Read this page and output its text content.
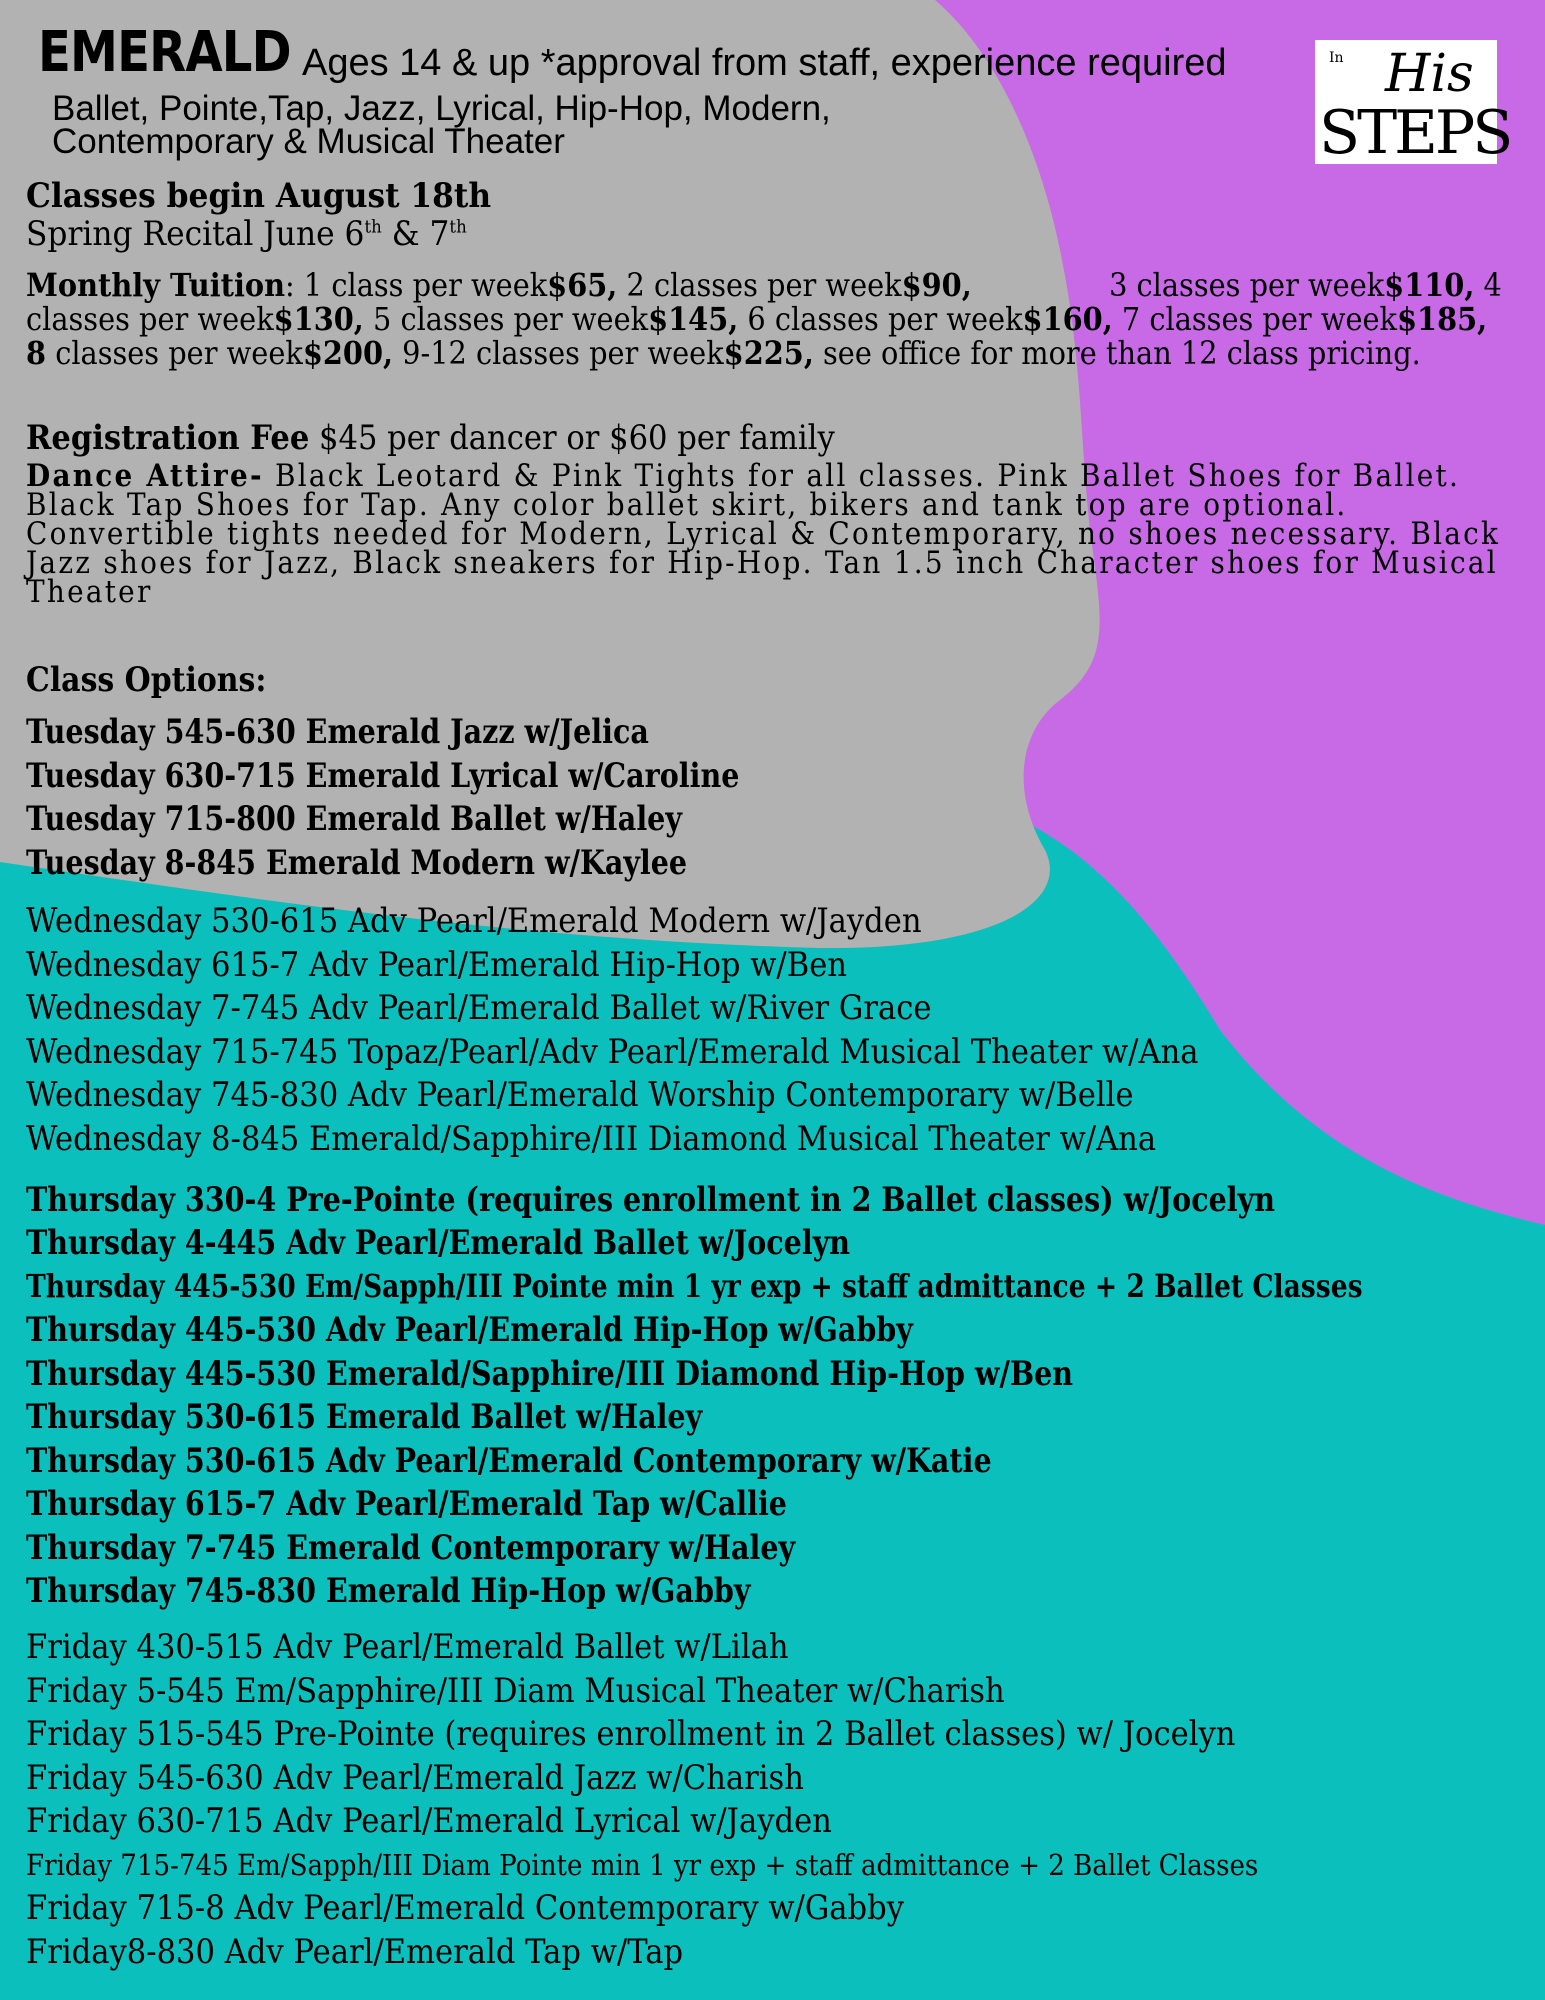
EMERALD Ages 14 & up *approval from staff, experience required
Ballet, Pointe,Tap, Jazz, Lyrical, Hip-Hop, Modern,
Contemporary & Musical Theater
In His
STEPS
Classes begin August 18th
Spring Recital June 6th & 7th
Monthly Tuition: 1 class per week$65, 2 classes per week$90,	3 classes per week$110, 4 classes per week$130, 5 classes per week$145, 6 classes per week$160, 7 classes per week$185, 8 classes per week$200, 9-12 classes per week$225, see office for more than 12 class pricing.
Registration Fee $45 per dancer or $60 per family
Dance Attire- Black Leotard & Pink Tights for all classes. Pink Ballet Shoes for Ballet. Black Tap Shoes for Tap. Any color ballet skirt, bikers and tank top are optional. Convertible tights needed for Modern, Lyrical & Contemporary, no shoes necessary. Black Jazz shoes for Jazz, Black sneakers for Hip-Hop. Tan 1.5 inch Character shoes for Musical Theater
Class Options:
Tuesday 545-630 Emerald Jazz w/Jelica
Tuesday 630-715 Emerald Lyrical w/Caroline
Tuesday 715-800 Emerald Ballet w/Haley
Tuesday 8-845 Emerald Modern w/Kaylee
Wednesday 530-615 Adv Pearl/Emerald Modern w/Jayden
Wednesday 615-7 Adv Pearl/Emerald Hip-Hop w/Ben
Wednesday 7-745 Adv Pearl/Emerald Ballet w/River Grace
Wednesday 715-745 Topaz/Pearl/Adv Pearl/Emerald Musical Theater w/Ana
Wednesday 745-830 Adv Pearl/Emerald Worship Contemporary w/Belle
Wednesday 8-845 Emerald/Sapphire/III Diamond Musical Theater w/Ana
Thursday 330-4 Pre-Pointe (requires enrollment in 2 Ballet classes) w/Jocelyn
Thursday 4-445 Adv Pearl/Emerald Ballet w/Jocelyn
Thursday 445-530 Em/Sapph/III Pointe min 1 yr exp + staff admittance + 2 Ballet Classes
Thursday 445-530 Adv Pearl/Emerald Hip-Hop w/Gabby
Thursday 445-530 Emerald/Sapphire/III Diamond Hip-Hop w/Ben
Thursday 530-615 Emerald Ballet w/Haley
Thursday 530-615 Adv Pearl/Emerald Contemporary w/Katie
Thursday 615-7 Adv Pearl/Emerald Tap w/Callie
Thursday 7-745 Emerald Contemporary w/Haley
Thursday 745-830 Emerald Hip-Hop w/Gabby
Friday 430-515 Adv Pearl/Emerald Ballet w/Lilah
Friday 5-545 Em/Sapphire/III Diam Musical Theater w/Charish
Friday 515-545 Pre-Pointe (requires enrollment in 2 Ballet classes) w/ Jocelyn
Friday 545-630 Adv Pearl/Emerald Jazz w/Charish
Friday 630-715 Adv Pearl/Emerald Lyrical w/Jayden
Friday 715-745 Em/Sapph/III Diam Pointe min 1 yr exp + staff admittance + 2 Ballet Classes
Friday 715-8 Adv Pearl/Emerald Contemporary w/Gabby
Friday8-830 Adv Pearl/Emerald Tap w/Tap
